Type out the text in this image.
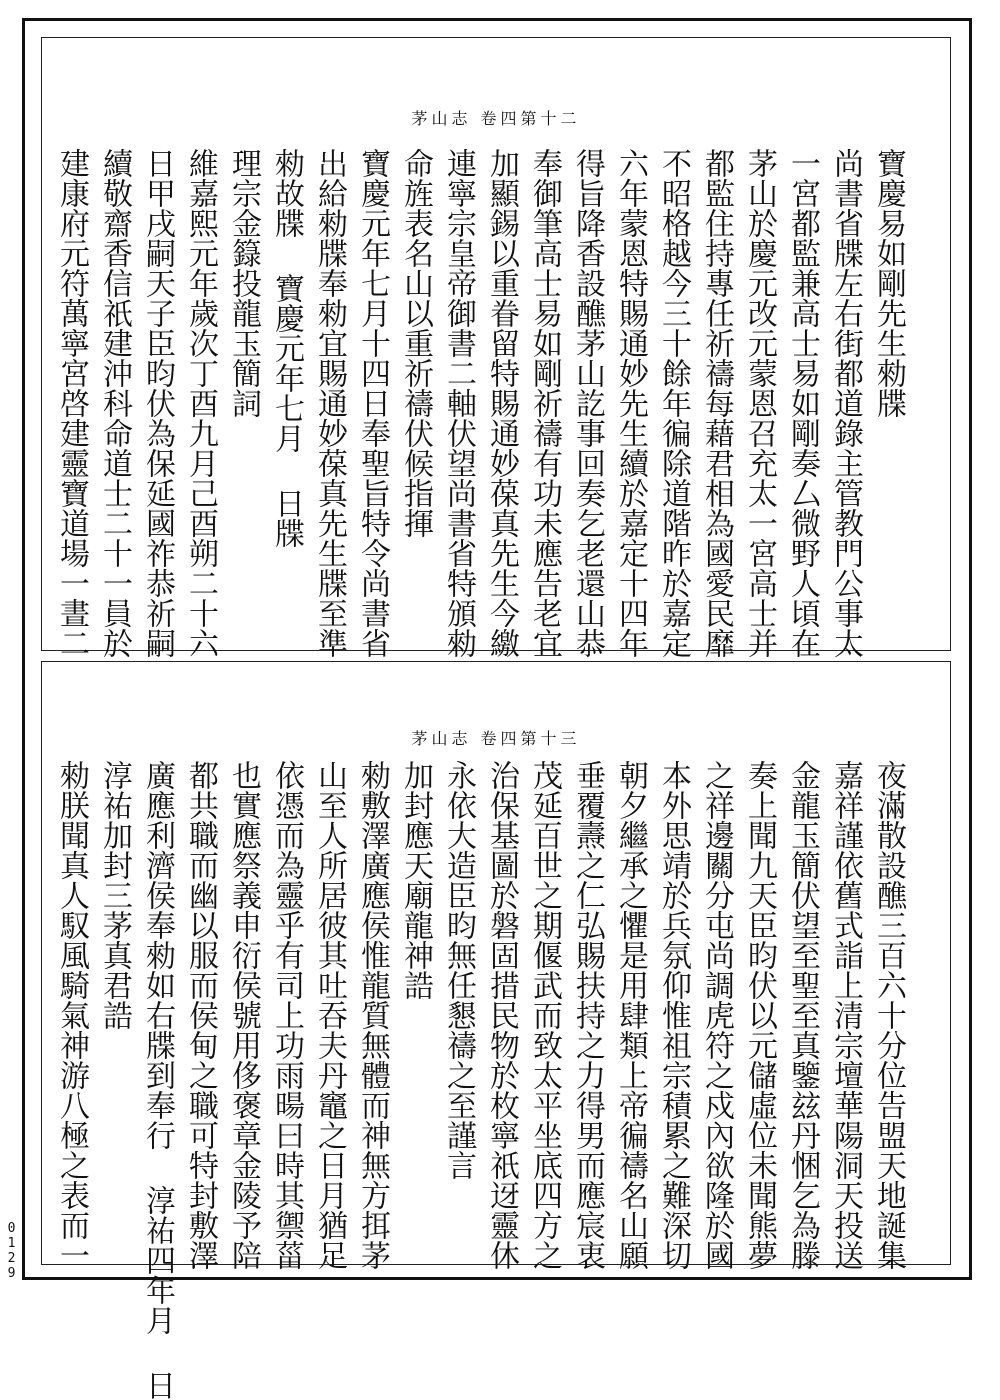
茅山志 卷四第十二
寶慶易如剛先生勑牒
尚書省牒左右街都道錄主管教門公事太
一宮都監兼高士易如剛奏厶微野人頃在
茅山於慶元改元蒙恩召充太一宮高士并
都監住持專任祈禱每藉君相為國愛民靡
不昭格越今三十餘年徧除道階昨於嘉定
六年蒙恩特賜通妙先生續於嘉定十四年
得旨降香設醮茅山訖事回奏乞老還山恭
奉御筆高士易如剛祈禱有功未應告老宜
加顯錫以重眷留特賜通妙葆真先生今繳
連寧宗皇帝御書二軸伏望尚書省特頒勑
命旌表名山以重祈禱伏候指揮
寶慶元年七月十四日奉聖旨特令尚書省
出給勑牒奉勑宜賜通妙葆真先生牒至準
勑故牒 寶慶元年七月 日牒
理宗金籙投龍玉簡詞
維嘉熙元年歲次丁酉九月己酉朔二十六
日甲戌嗣天子臣昀伏為保延國祚恭祈嗣
續敬齋香信祇建沖科命道士二十一員於
建康府元符萬寧宮啓建靈寶道場一晝二
茅山志 卷四第十三
夜滿散設醮三百六十分位告盟天地誕集
嘉祥謹依舊式詣上清宗壇華陽洞天投送
金龍玉簡伏望至聖至真鑒玆丹悃乞為滕
奏上聞九天臣昀伏以元儲虛位未聞熊夢
之祥邊關分屯尚調虎符之戍內欲隆於國
本外思靖於兵氛仰惟祖宗積累之難深切
朝夕繼承之懼是用肆類上帝徧禱名山願
垂覆燾之仁弘賜扶持之力得男而應宸衷
茂延百世之期偃武而致太平坐底四方之
治保基圖於磐固措民物於枚寧祇迓靈休
永依大造臣昀無任懇禱之至謹言
加封應天廟龍神誥
勑敷澤廣應侯惟龍質無體而神無方挕茅
山至人所居彼其吐吞夫丹竈之日月猶足
依憑而為靈乎有司上功雨暘曰時其禦菑
也實應祭義申衍侯號用侈褒章金陵予陪
都共職而幽以服而侯甸之職可特封敷澤
廣應利濟侯奉勑如右牒到奉行 淳祐四年月 日
淳祐加封三茅真君誥
勑朕聞真人馭風騎氣神游八極之表而一
0129
